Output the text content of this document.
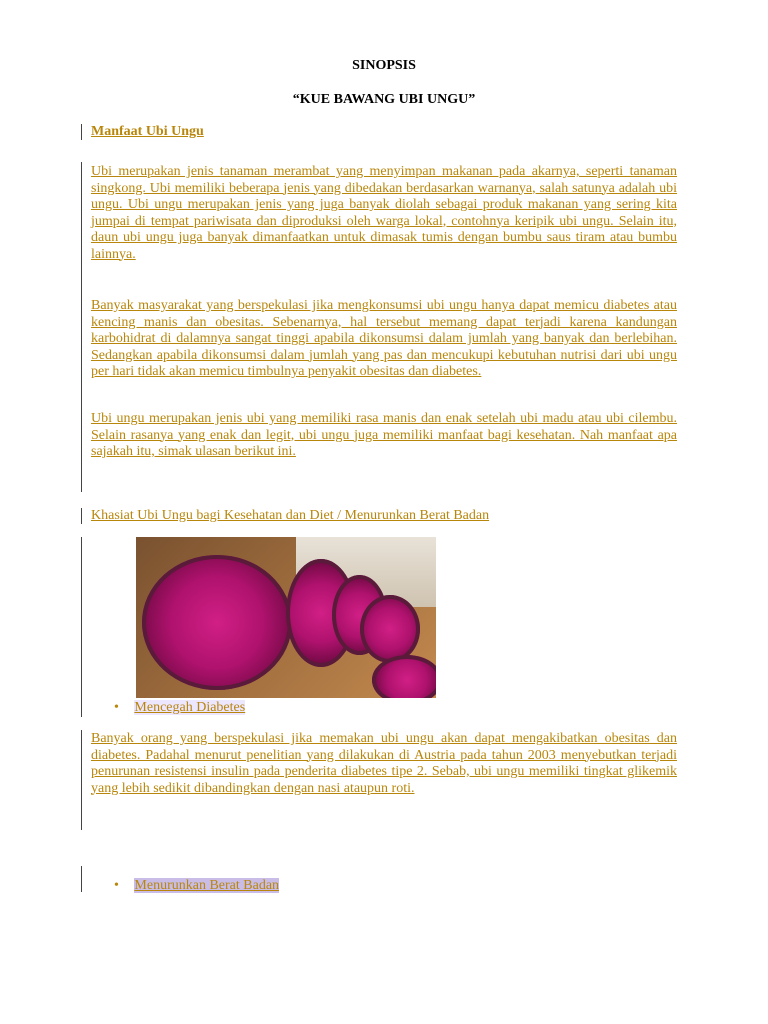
SINOPSIS
“KUE BAWANG UBI UNGU”
Manfaat Ubi Ungu
Ubi merupakan jenis tanaman merambat yang menyimpan makanan pada akarnya, seperti tanaman singkong. Ubi memiliki beberapa jenis yang dibedakan berdasarkan warnanya, salah satunya adalah ubi ungu. Ubi ungu merupakan jenis yang juga banyak diolah sebagai produk makanan yang sering kita jumpai di tempat pariwisata dan diproduksi oleh warga lokal, contohnya keripik ubi ungu. Selain itu, daun ubi ungu juga banyak dimanfaatkan untuk dimasak tumis dengan bumbu saus tiram atau bumbu lainnya.
Banyak masyarakat yang berspekulasi jika mengkonsumsi ubi ungu hanya dapat memicu diabetes atau kencing manis dan obesitas. Sebenarnya, hal tersebut memang dapat terjadi karena kandungan karbohidrat di dalamnya sangat tinggi apabila dikonsumsi dalam jumlah yang banyak dan berlebihan. Sedangkan apabila dikonsumsi dalam jumlah yang pas dan mencukupi kebutuhan nutrisi dari ubi ungu per hari tidak akan memicu timbulnya penyakit obesitas dan diabetes.
Ubi ungu merupakan jenis ubi yang memiliki rasa manis dan enak setelah ubi madu atau ubi cilembu. Selain rasanya yang enak dan legit, ubi ungu juga memiliki manfaat bagi kesehatan. Nah manfaat apa sajakah itu, simak ulasan berikut ini.
Khasiat Ubi Ungu bagi Kesehatan dan Diet / Menurunkan Berat Badan
• Mencegah Diabetes
Banyak orang yang berspekulasi jika memakan ubi ungu akan dapat mengakibatkan obesitas dan diabetes. Padahal menurut penelitian yang dilakukan di Austria pada tahun 2003 menyebutkan terjadi penurunan resistensi insulin pada penderita diabetes tipe 2. Sebab, ubi ungu memiliki tingkat glikemik yang lebih sedikit dibandingkan dengan nasi ataupun roti.
• Menurunkan Berat Badan
